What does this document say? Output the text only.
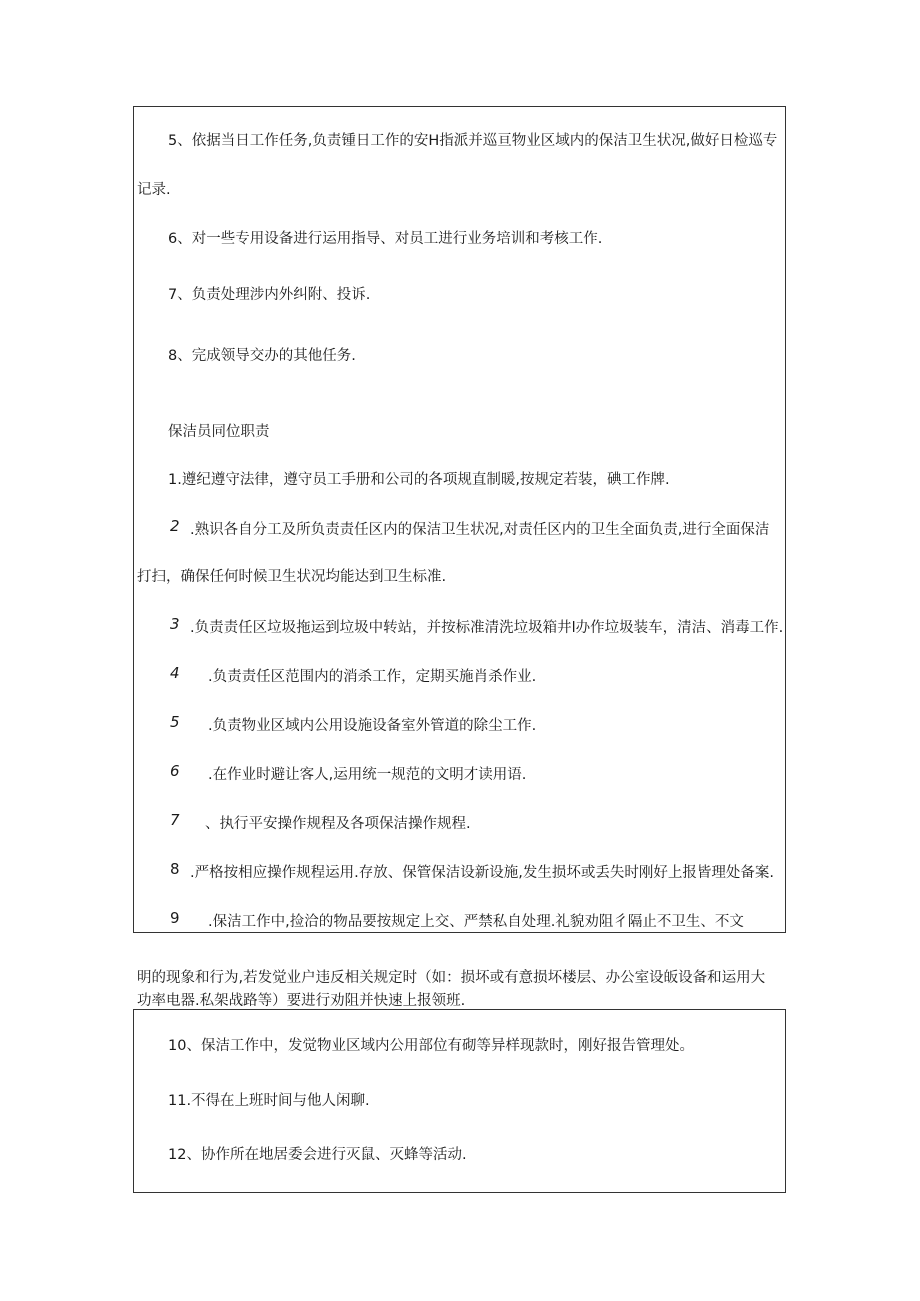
5、依据当日工作任务,负责锺日工作的安H指派并巡亘物业区域内的保洁卫生状况,做好日检巡专
记录.
6、对一些专用设备进行运用指导、对员工进行业务培训和考核工作.
7、负责处理涉内外纠附、投诉.
8、完成领导交办的其他任务.
保洁员同位职责
1.遵纪遵守法律，遵守员工手册和公司的各项规直制暖,按规定若装，碘工作牌.
2 .熟识各自分工及所负责责任区内的保洁卫生状况,对责任区内的卫生全面负责,进行全面保洁
打扫，确保任何时候卫生状况均能达到卫生标准.
3 .负责责任区垃圾拖运到垃圾中转站，并按标准清洗垃圾箱井l办作垃圾装车，清洁、消毒工作.
4 .负责责任区范围内的消杀工作，定期买施肖杀作业.
5 .负责物业区域内公用设施设备室外管道的除尘工作.
6 .在作业时避让客人,运用统一规范的文明才读用语.
7 、执行平安操作规程及各项保洁操作规程.
8 .严格按相应操作规程运用.存放、保管保洁设新设施,发生损坏或丢失时刚好上报皆理处备案.
9 .保洁工作中,捡洽的物品要按规定上交、严禁私自处理.礼貌劝阻彳隔止不卫生、不文
明的现象和行为,若发觉业户违反相关规定时（如：损坏或有意损坏楼层、办公室设皈设备和运用大
功率电器.私架战路等）要进行劝阻并快速上报领班.
10、保洁工作中，发觉物业区域内公用部位有砌等异样现款时，刚好报告管理处。
11.不得在上班时间与他人闲聊.
12、协作所在地居委会进行灭鼠、灭蜂等活动.
